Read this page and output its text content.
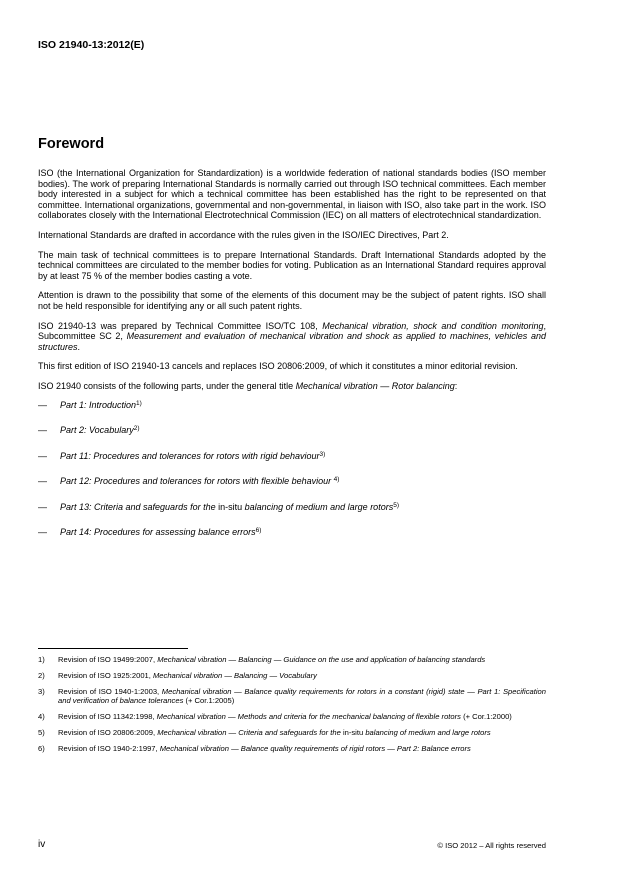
ISO 21940-13:2012(E)
Foreword

ISO (the International Organization for Standardization) is a worldwide federation of national standards bodies (ISO member bodies). The work of preparing International Standards is normally carried out through ISO technical committees. Each member body interested in a subject for which a technical committee has been established has the right to be represented on that committee. International organizations, governmental and non-governmental, in liaison with ISO, also take part in the work. ISO collaborates closely with the International Electrotechnical Commission (IEC) on all matters of electrotechnical standardization.

International Standards are drafted in accordance with the rules given in the ISO/IEC Directives, Part 2.

The main task of technical committees is to prepare International Standards. Draft International Standards adopted by the technical committees are circulated to the member bodies for voting. Publication as an International Standard requires approval by at least 75 % of the member bodies casting a vote.

Attention is drawn to the possibility that some of the elements of this document may be the subject of patent rights. ISO shall not be held responsible for identifying any or all such patent rights.

ISO 21940-13 was prepared by Technical Committee ISO/TC 108, Mechanical vibration, shock and condition monitoring, Subcommittee SC 2, Measurement and evaluation of mechanical vibration and shock as applied to machines, vehicles and structures.

This first edition of ISO 21940-13 cancels and replaces ISO 20806:2009, of which it constitutes a minor editorial revision.

ISO 21940 consists of the following parts, under the general title Mechanical vibration — Rotor balancing:

— Part 1: Introduction$^{1)}$
— Part 2: Vocabulary$^{2)}$
— Part 11: Procedures and tolerances for rotors with rigid behaviour$^{3)}$
— Part 12: Procedures and tolerances for rotors with flexible behaviour $^{4)}$
— Part 13: Criteria and safeguards for the in-situ balancing of medium and large rotors$^{5)}$
— Part 14: Procedures for assessing balance errors$^{6)}$
1) Revision of ISO 19499:2007, Mechanical vibration — Balancing — Guidance on the use and application of balancing standards
2) Revision of ISO 1925:2001, Mechanical vibration — Balancing — Vocabulary
3) Revision of ISO 1940-1:2003, Mechanical vibration — Balance quality requirements for rotors in a constant (rigid) state — Part 1: Specification and verification of balance tolerances (+ Cor.1:2005)
4) Revision of ISO 11342:1998, Mechanical vibration — Methods and criteria for the mechanical balancing of flexible rotors (+ Cor.1:2000)
5) Revision of ISO 20806:2009, Mechanical vibration — Criteria and safeguards for the in-situ balancing of medium and large rotors
6) Revision of ISO 1940-2:1997, Mechanical vibration — Balance quality requirements of rigid rotors — Part 2: Balance errors
iv	© ISO 2012 – All rights reserved
